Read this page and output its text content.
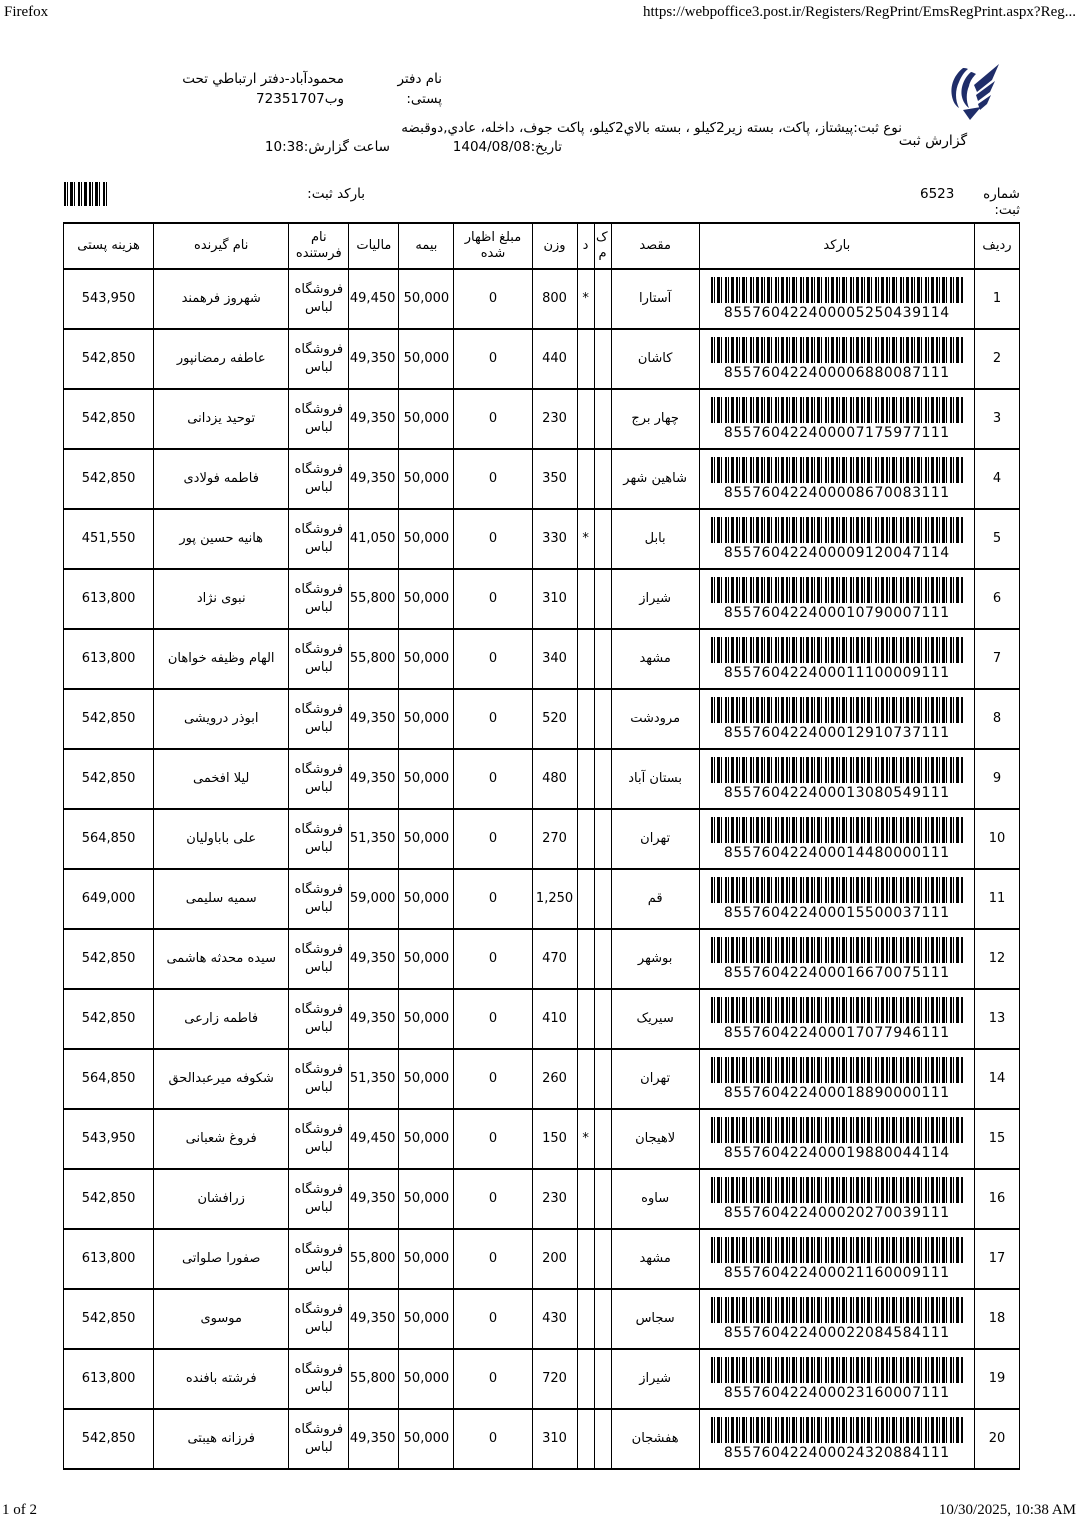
Firefox	https://webpoffice3.post.ir/Registers/RegPrint/EmsRegPrint.aspx?Reg...
گزارش ثبت
نام دفتر پستی:
محمودآباد-دفتر ارتباطي تحت وب72351707
نوع ثبت:پیشتاز، پاکت، بسته زیر2کیلو ، بسته بالاي2کیلو، پاکت جوف، داخله، عادي,دوقبضه
تاریخ:1404/08/08
ساعت گزارش:10:38
شماره ثبت:
6523
باركد ثبت:
ردیف	بارکد	مقصد	ک م	د	وزن	مبلغ اظهار شده	بیمه	مالیات	نام فرستنده	نام گیرنده	هزینه پستی
1	855760422400005250439114	آستارا		*	800	0	50,000	49,450	فروشگاه لباس	شهروز فرهمند	543,950
2	855760422400006880087111	کاشان			440	0	50,000	49,350	فروشگاه لباس	عاطفه رمضانپور	542,850
3	855760422400007175977111	چهار برج			230	0	50,000	49,350	فروشگاه لباس	توحید یزدانی	542,850
4	855760422400008670083111	شاهین شهر			350	0	50,000	49,350	فروشگاه لباس	فاطمه فولادی	542,850
5	855760422400009120047114	بابل		*	330	0	50,000	41,050	فروشگاه لباس	هانیه حسین پور	451,550
6	855760422400010790007111	شیراز			310	0	50,000	55,800	فروشگاه لباس	نبوی نژاد	613,800
7	855760422400011100009111	مشهد			340	0	50,000	55,800	فروشگاه لباس	الهام وظیفه خواهان	613,800
8	855760422400012910737111	مرودشت			520	0	50,000	49,350	فروشگاه لباس	ابوذر درویشی	542,850
9	855760422400013080549111	بستان آباد			480	0	50,000	49,350	فروشگاه لباس	لیلا افخمی	542,850
10	855760422400014480000111	تهران			270	0	50,000	51,350	فروشگاه لباس	علی باباولیان	564,850
11	855760422400015500037111	قم			1,250	0	50,000	59,000	فروشگاه لباس	سمیه سلیمی	649,000
12	855760422400016670075111	بوشهر			470	0	50,000	49,350	فروشگاه لباس	سیده محدثه هاشمی	542,850
13	855760422400017077946111	سیریک			410	0	50,000	49,350	فروشگاه لباس	فاطمه زارعی	542,850
14	855760422400018890000111	تهران			260	0	50,000	51,350	فروشگاه لباس	شکوفه میرعبدالحق	564,850
15	855760422400019880044114	لاهیجان		*	150	0	50,000	49,450	فروشگاه لباس	فروغ شعبانی	543,950
16	855760422400020270039111	ساوه			230	0	50,000	49,350	فروشگاه لباس	زرافشان	542,850
17	855760422400021160009111	مشهد			200	0	50,000	55,800	فروشگاه لباس	صفورا صلواتی	613,800
18	855760422400022084584111	سجاس			430	0	50,000	49,350	فروشگاه لباس	موسوی	542,850
19	855760422400023160007111	شیراز			720	0	50,000	55,800	فروشگاه لباس	فرشته بافنده	613,800
20	855760422400024320884111	هفشجان			310	0	50,000	49,350	فروشگاه لباس	فرزانه هیبتی	542,850
1 of 2	10/30/2025, 10:38 AM
